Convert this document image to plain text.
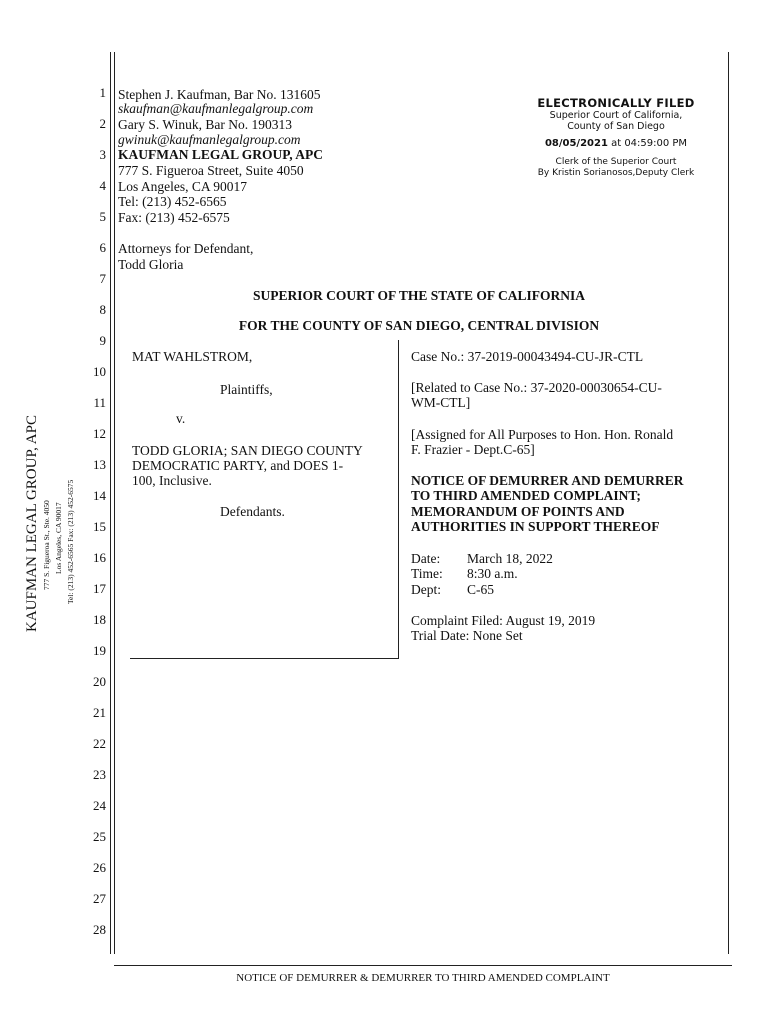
1
2
3
4
5
6
7
8
9
10
11
12
13
14
15
16
17
18
19
20
21
22
23
24
25
26
27
28
KAUFMAN LEGAL GROUP, APC 777 S. Figueroa St., Ste. 4050 Los Angeles, CA 90017 Tel: (213) 452-6565 Fax: (213) 452-6575
Stephen J. Kaufman, Bar No. 131605
skaufman@kaufmanlegalgroup.com
Gary S. Winuk, Bar No. 190313
gwinuk@kaufmanlegalgroup.com
KAUFMAN LEGAL GROUP, APC
777 S. Figueroa Street, Suite 4050
Los Angeles, CA 90017
Tel: (213) 452-6565
Fax: (213) 452-6575
Attorneys for Defendant,
Todd Gloria
ELECTRONICALLY FILED
Superior Court of California,
County of San Diego
08/05/2021 at 04:59:00 PM
Clerk of the Superior Court
By Kristin Sorianosos,Deputy Clerk
SUPERIOR COURT OF THE STATE OF CALIFORNIA
FOR THE COUNTY OF SAN DIEGO, CENTRAL DIVISION
MAT WAHLSTROM,
Plaintiffs,
v.
TODD GLORIA; SAN DIEGO COUNTY
DEMOCRATIC PARTY, and DOES 1-
100, Inclusive.
Defendants.
Case No.: 37-2019-00043494-CU-JR-CTL
[Related to Case No.: 37-2020-00030654-CU-
WM-CTL]
[Assigned for All Purposes to Hon. Hon. Ronald
F. Frazier - Dept.C-65]
NOTICE OF DEMURRER AND DEMURRER
TO THIRD AMENDED COMPLAINT;
MEMORANDUM OF POINTS AND
AUTHORITIES IN SUPPORT THEREOF
Date: March 18, 2022
Time: 8:30 a.m.
Dept: C-65
Complaint Filed: August 19, 2019
Trial Date: None Set
NOTICE OF DEMURRER & DEMURRER TO THIRD AMENDED COMPLAINT
